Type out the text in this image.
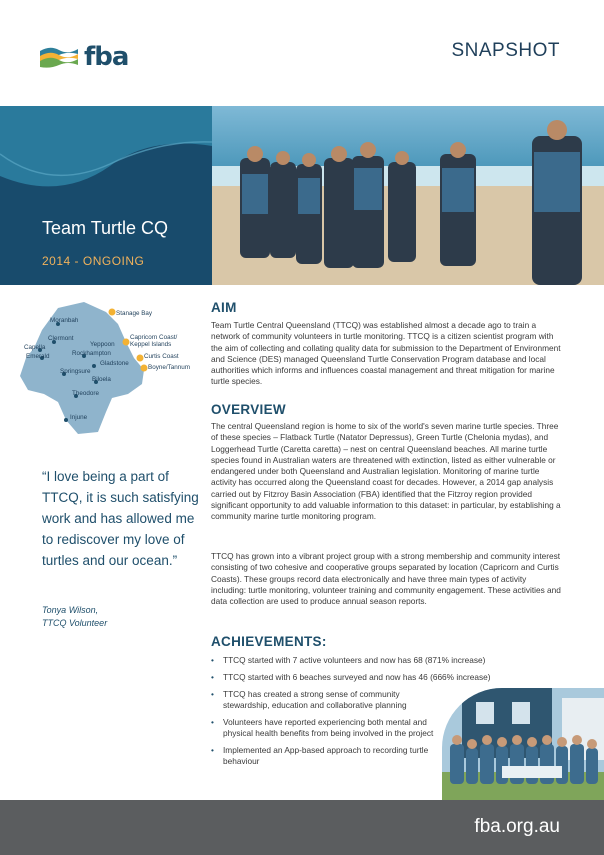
fba	SNAPSHOT
Team Turtle CQ
2014 - ONGOING
Moranbah
Stanage Bay
Clermont
Capella
Emerald
Capricorn Coast/
Keppel Islands
Yeppoon
Rockhampton	Curtis Coast
Gladstone
Boyne/Tannum
Springsure
Biloela
Theodore
Injune
“I love being a part of TTCQ, it is such satisfying work and has allowed me to rediscover my love of turtles and our ocean.”
Tonya Wilson,
TTCQ Volunteer
AIM
Team Turtle Central Queensland (TTCQ) was established almost a decade ago to train a network of community volunteers in turtle monitoring. TTCQ is a citizen scientist program with the aim of collecting and collating quality data for submission to the Department of Environment and Science (DES) managed Queensland Turtle Conservation Program database and local authorities which informs and influences coastal management and threat mitigation for marine turtle species.
OVERVIEW
The central Queensland region is home to six of the world's seven marine turtle species. Three of these species – Flatback Turtle (Natator Depressus), Green Turtle (Chelonia mydas), and Loggerhead Turtle (Caretta caretta) – nest on central Queensland beaches. All marine turtle species found in Australian waters are threatened with extinction, listed as either vulnerable or endangered under both Queensland and Australian legislation. Monitoring of marine turtle activity has occurred along the Queensland coast for decades. However, a 2014 gap analysis carried out by Fitzroy Basin Association (FBA) identified that the Fitzroy region provided significant opportunity to add valuable information to this dataset: in particular, by establishing a community marine turtle monitoring program.
TTCQ has grown into a vibrant project group with a strong membership and community interest consisting of two cohesive and cooperative groups separated by location (Capricorn and Curtis Coasts). These groups record data electronically and have three main types of activity including: turtle monitoring, volunteer training and community engagement. These activities and data collection are used to produce annual season reports.
ACHIEVEMENTS:
• TTCQ started with 7 active volunteers and now has 68 (871% increase)
• TTCQ started with 6 beaches surveyed and now has 46 (666% increase)
• TTCQ has created a strong sense of community stewardship, education and collaborative planning
• Volunteers have reported experiencing both mental and physical health benefits from being involved in the project
• Implemented an App-based approach to recording turtle behaviour
fba.org.au
